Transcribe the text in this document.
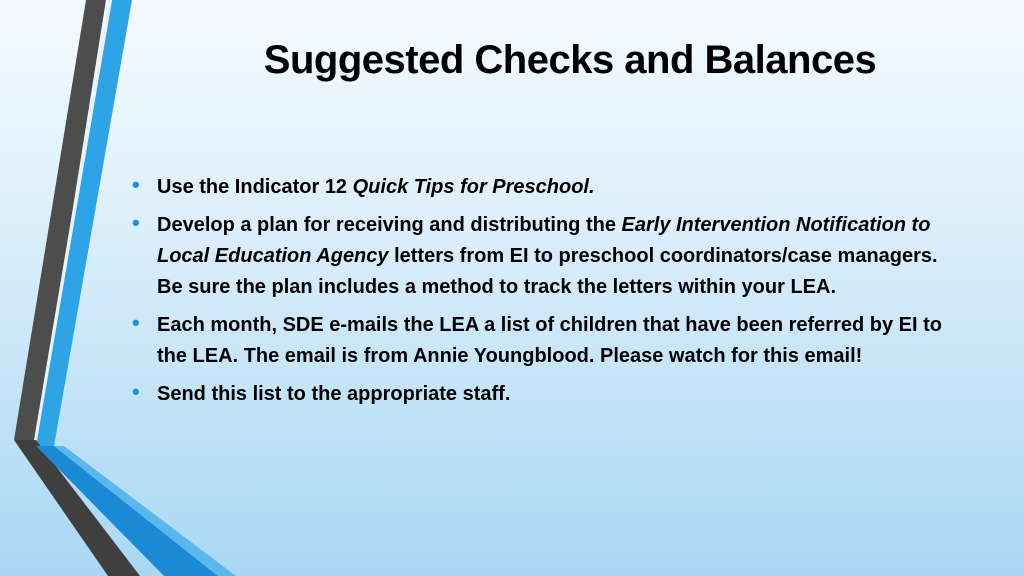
Suggested Checks and Balances
• Use the Indicator 12 Quick Tips for Preschool.
• Develop a plan for receiving and distributing the Early Intervention Notification to Local Education Agency letters from EI to preschool coordinators/case managers. Be sure the plan includes a method to track the letters within your LEA.
• Each month, SDE e-mails the LEA a list of children that have been referred by EI to the LEA. The email is from Annie Youngblood. Please watch for this email!
• Send this list to the appropriate staff.
